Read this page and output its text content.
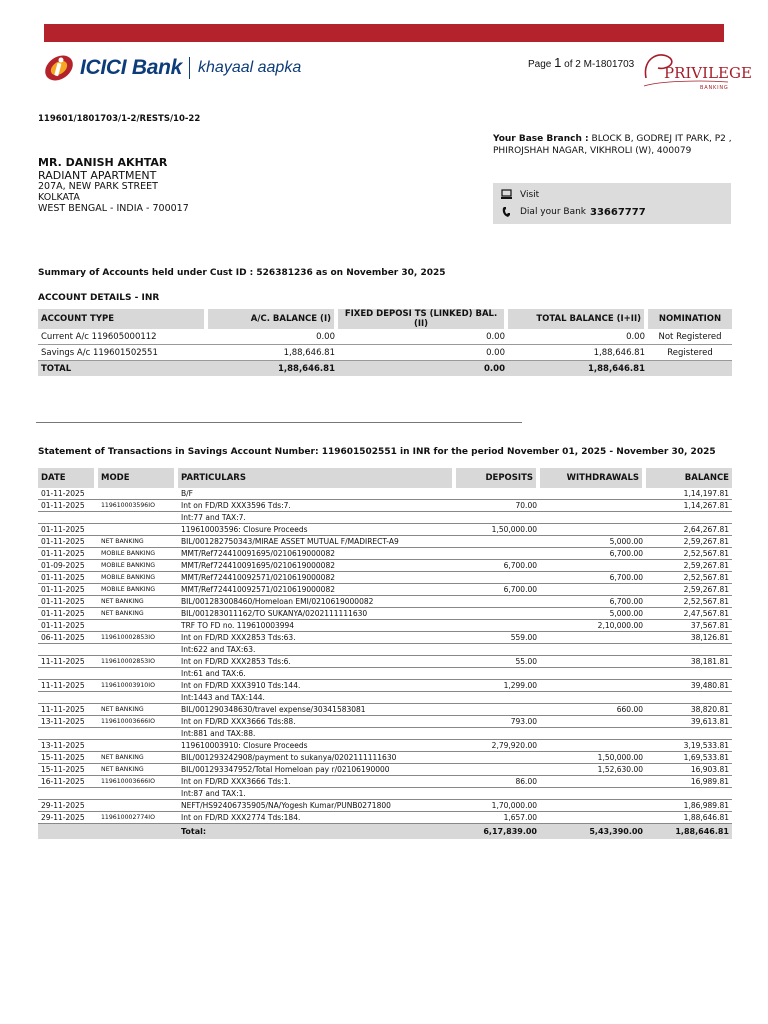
ICICI Bank khayaal aapka	Page 1 of 2 M-1801703 PRIVILEGE
BANKING
119601/1801703/1-2/RESTS/10-22
Your Base Branch : BLOCK B, GODREJ IT PARK, P2 , PHIROJSHAH NAGAR, VIKHROLI (W), 400079
MR. DANISH AKHTAR
RADIANT APARTMENT
207A, NEW PARK STREET
KOLKATA
WEST BENGAL - INDIA - 700017
Visit
Dial your Bank 33667777
Summary of Accounts held under Cust ID : 526381236 as on November 30, 2025
ACCOUNT DETAILS - INR
ACCOUNT TYPE	A/C. BALANCE (I)	FIXED DEPOSI TS (LINKED) BAL. (II)	TOTAL BALANCE (I+II)	NOMINATION
Current A/c 119605000112	0.00	0.00	0.00	Not Registered
Savings A/c 119601502551	1,88,646.81	0.00	1,88,646.81	Registered
TOTAL	1,88,646.81	0.00	1,88,646.81	
Statement of Transactions in Savings Account Number: 119601502551 in INR for the period November 01, 2025 - November 30, 2025
DATE	MODE	PARTICULARS	DEPOSITS	WITHDRAWALS	BALANCE
01-11-2025		B/F			1,14,197.81
01-11-2025	119610003596IO	Int on FD/RD XXX3596 Tds:7.	70.00		1,14,267.81
		Int:77 and TAX:7.			
01-11-2025		119610003596: Closure Proceeds	1,50,000.00		2,64,267.81
01-11-2025	NET BANKING	BIL/001282750343/MIRAE ASSET MUTUAL F/MADIRECT-A9		5,000.00	2,59,267.81
01-11-2025	MOBILE BANKING	MMT/Ref724410091695/0210619000082		6,700.00	2,52,567.81
01-09-2025	MOBILE BANKING	MMT/Ref724410091695/0210619000082	6,700.00		2,59,267.81
01-11-2025	MOBILE BANKING	MMT/Ref724410092571/0210619000082		6,700.00	2,52,567.81
01-11-2025	MOBILE BANKING	MMT/Ref724410092571/0210619000082	6,700.00		2,59,267.81
01-11-2025	NET BANKING	BIL/001283008460/Homeloan EMI/0210619000082		6,700.00	2,52,567.81
01-11-2025	NET BANKING	BIL/001283011162/TO SUKANYA/0202111111630		5,000.00	2,47,567.81
01-11-2025		TRF TO FD no. 119610003994		2,10,000.00	37,567.81
06-11-2025	119610002853IO	Int on FD/RD XXX2853 Tds:63.	559.00		38,126.81
		Int:622 and TAX:63.			
11-11-2025	119610002853IO	Int on FD/RD XXX2853 Tds:6.	55.00		38,181.81
		Int:61 and TAX:6.			
11-11-2025	119610003910IO	Int on FD/RD XXX3910 Tds:144.	1,299.00		39,480.81
		Int:1443 and TAX:144.			
11-11-2025	NET BANKING	BIL/001290348630/travel expense/30341583081		660.00	38,820.81
13-11-2025	119610003666IO	Int on FD/RD XXX3666 Tds:88.	793.00		39,613.81
		Int:881 and TAX:88.			
13-11-2025		119610003910: Closure Proceeds	2,79,920.00		3,19,533.81
15-11-2025	NET BANKING	BIL/001293242908/payment to sukanya/0202111111630		1,50,000.00	1,69,533.81
15-11-2025	NET BANKING	BIL/001293347952/Total Homeloan pay r/02106190000		1,52,630.00	16,903.81
16-11-2025	119610003666IO	Int on FD/RD XXX3666 Tds:1.	86.00		16,989.81
		Int:87 and TAX:1.			
29-11-2025		NEFT/HS92406735905/NA/Yogesh Kumar/PUNB0271800	1,70,000.00		1,86,989.81
29-11-2025	119610002774IO	Int on FD/RD XXX2774 Tds:184.	1,657.00		1,88,646.81
		Total:	6,17,839.00	5,43,390.00	1,88,646.81
